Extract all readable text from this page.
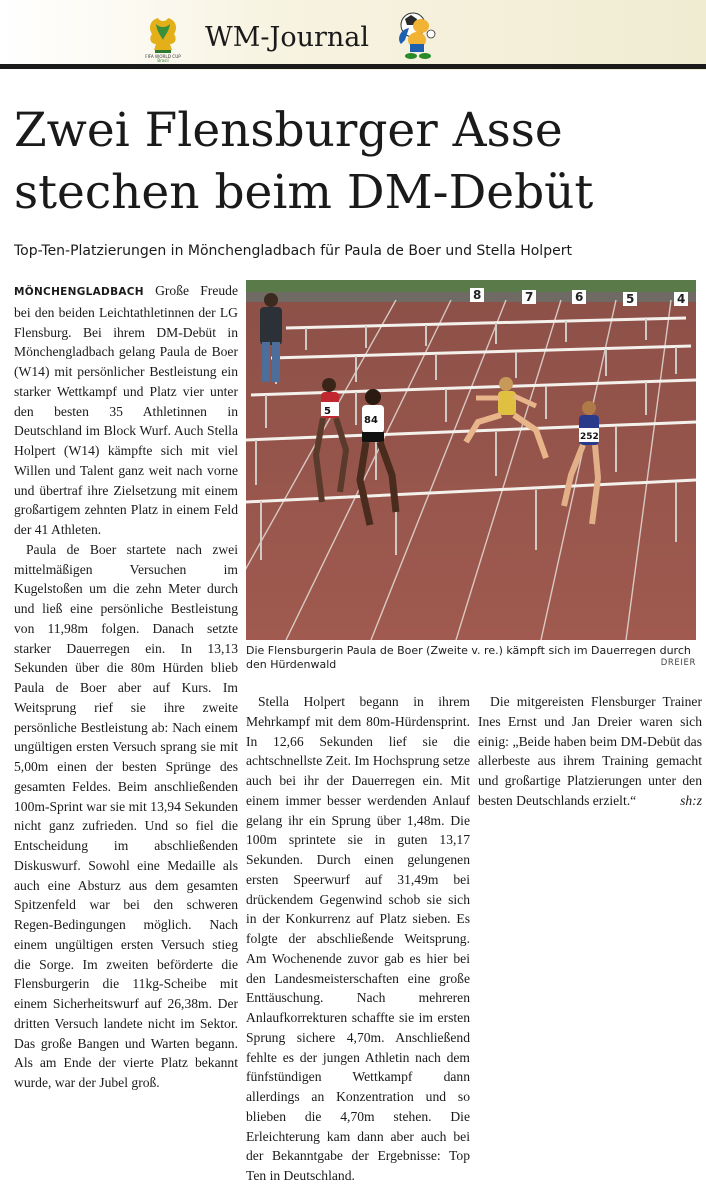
FIFA WORLD CUP
Brasil
WM-Journal
Zwei Flensburger Asse
stechen beim DM-Debüt
Top-Ten-Platzierungen in Mönchengladbach für Paula de Boer und Stella Holpert

MÖNCHENGLADBACH Große Freude bei den beiden Leichtathletinnen der LG Flensburg. Bei ihrem DM-Debüt in Mönchengladbach gelang Paula de Boer (W14) mit persönlicher Bestleistung ein starker Wettkampf und Platz vier unter den besten 35 Athletinnen in Deutschland im Block Wurf. Auch Stella Holpert (W14) kämpfte sich mit viel Willen und Talent ganz weit nach vorne und übertraf ihre Zielsetzung mit einem großartigem zehnten Platz in einem Feld der 41 Athleten.

Paula de Boer startete nach zwei mittelmäßigen Versuchen im Kugelstoßen um die zehn Meter durch und ließ eine persönliche Bestleistung von 11,98m folgen. Danach setzte starker Dauerregen ein. In 13,13 Sekunden über die 80m Hürden blieb Paula de Boer aber auf Kurs. Im Weitsprung rief sie ihre zweite persönliche Bestleistung ab: Nach einem ungültigen ersten Versuch sprang sie mit 5,00m einen der besten Sprünge des gesamten Feldes. Beim anschließenden 100m-Sprint war sie mit 13,94 Sekunden nicht ganz zufrieden. Und so fiel die Entscheidung im abschließenden Diskuswurf. Sowohl eine Medaille als auch eine Absturz aus dem gesamten Spitzenfeld war bei den schweren Regen-Bedingungen möglich. Nach einem ungültigen ersten Versuch stieg die Sorge. Im zweiten beförderte die Flensburgerin die 11kg-Scheibe mit einem Sicherheitswurf auf 26,38m. Der dritten Versuch landete nicht im Sektor. Das große Bangen und Warten begann. Als am Ende der vierte Platz bekannt wurde, war der Jubel groß.

8	7	6	5	4
5
84
252
Die Flensburgerin Paula de Boer (Zweite v. re.) kämpft sich im Dauerregen durch den Hürdenwald	DREIER

Stella Holpert begann in ihrem Mehrkampf mit dem 80m-Hürdensprint. In 12,66 Sekunden lief sie die achtschnellste Zeit. Im Hochsprung setze auch bei ihr der Dauerregen ein. Mit einem immer besser werdenden Anlauf gelang ihr ein Sprung über 1,48m. Die 100m sprintete sie in guten 13,17 Sekunden. Durch einen gelungenen ersten Speerwurf auf 31,49m bei drückendem Gegenwind schob sie sich in der Konkurrenz auf Platz sieben. Es folgte der abschließende Weitsprung. Am Wochenende zuvor gab es hier bei den Landesmeisterschaften eine große Enttäuschung. Nach mehreren Anlaufkorrekturen schaffte sie im ersten Sprung sichere 4,70m. Anschließend fehlte es der jungen Athletin nach dem fünfstündigen Wettkampf dann allerdings an Konzentration und so blieben die 4,70m stehen. Die Erleichterung kam dann aber auch bei der Bekanntgabe der Ergebnisse: Top Ten in Deutschland.

Die mitgereisten Flensburger Trainer Ines Ernst und Jan Dreier waren sich einig: „Beide haben beim DM-Debüt das allerbeste aus ihrem Training gemacht und großartige Platzierungen unter den besten Deutschlands erzielt.“	sh:z
